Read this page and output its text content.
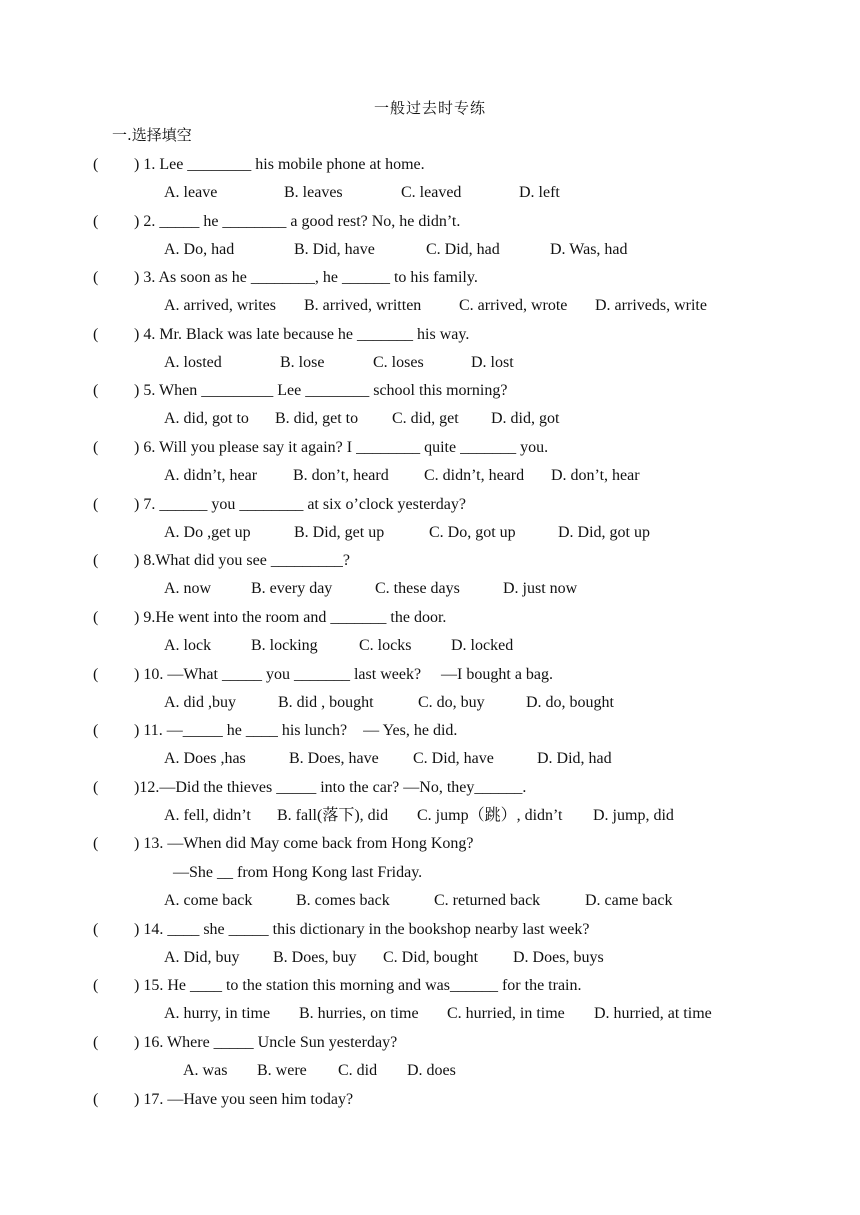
一般过去时专练
一.选择填空
( ) 1. Lee ________ his mobile phone at home.
A. leave	B. leaves	C. leaved	D. left
( ) 2. _____ he ________ a good rest? No, he didn’t.
A. Do, had	B. Did, have	C. Did, had	D. Was, had
( ) 3. As soon as he ________, he ______ to his family.
A. arrived, writes B. arrived, written C. arrived, wrote D. arriveds, write
( ) 4. Mr. Black was late because he _______ his way.
A. losted	B. lose	C. loses	D. lost
( ) 5. When _________ Lee ________ school this morning?
A. did, got to B. did, get to C. did, get D. did, got
( ) 6. Will you please say it again? I ________ quite _______ you.
A. didn’t, hear B. don’t, heard C. didn’t, heard D. don’t, hear
( ) 7. ______ you ________ at six o’clock yesterday?
A. Do ,get up	B. Did, get up	C. Do, got up	D. Did, got up
( ) 8.What did you see _________?
A. now B. every day	C. these days	D. just now
( ) 9.He went into the room and _______ the door.
A. lock B. locking	C. locks D. locked
( ) 10. —What _____ you _______ last week?     —I bought a bag.
A. did ,buy	B. did , bought	C. do, buy	D. do, bought
( ) 11. —_____ he ____ his lunch?    — Yes, he did.
A. Does ,has	B. Does, have C. Did, have	D. Did, had
( )12.—Did the thieves _____ into the car? —No, they______.
A. fell, didn’t B. fall(落下), did C. jump（跳）, didn’t D. jump, did
( ) 13. —When did May come back from Hong Kong?
—She __ from Hong Kong last Friday.
A. come back	B. comes back	C. returned back	D. came back
( ) 14. ____ she _____ this dictionary in the bookshop nearby last week?
A. Did, buy B. Does, buy C. Did, bought D. Does, buys
( ) 15. He ____ to the station this morning and was______ for the train.
A. hurry, in time B. hurries, on time C. hurried, in time D. hurried, at time
( ) 16. Where _____ Uncle Sun yesterday?
A. was B. were C. did D. does
( ) 17. —Have you seen him today?
